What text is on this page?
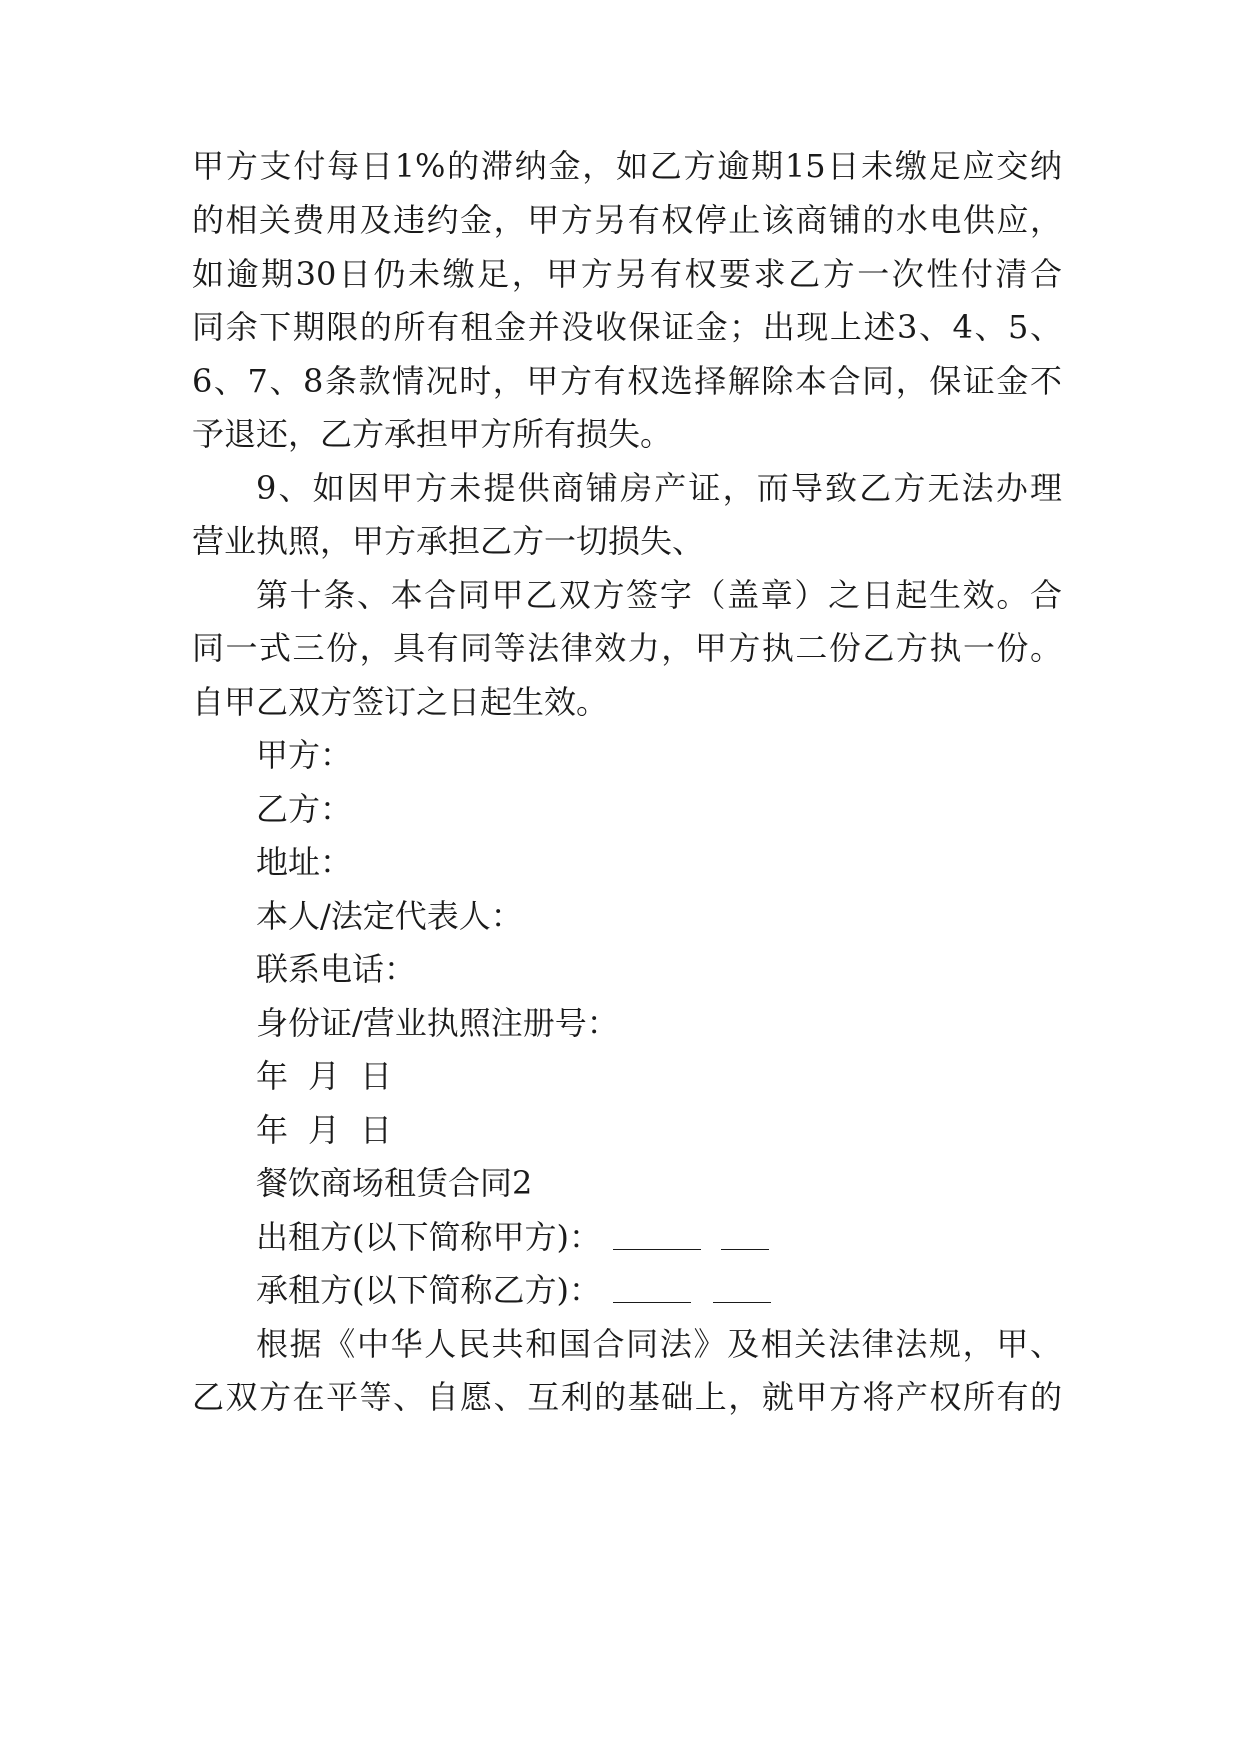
甲方支付每日1%的滞纳金，如乙方逾期15日未缴足应交纳
的相关费用及违约金，甲方另有权停止该商铺的水电供应，
如逾期30日仍未缴足，甲方另有权要求乙方一次性付清合
同余下期限的所有租金并没收保证金；出现上述3、4、5、
6、7、8条款情况时，甲方有权选择解除本合同，保证金不
予退还，乙方承担甲方所有损失。
9、如因甲方未提供商铺房产证，而导致乙方无法办理
营业执照，甲方承担乙方一切损失、
第十条、本合同甲乙双方签字（盖章）之日起生效。合
同一式三份，具有同等法律效力，甲方执二份乙方执一份。
自甲乙双方签订之日起生效。
甲方：
乙方：
地址：
本人/法定代表人：
联系电话：
身份证/营业执照注册号：
年 月 日
年 月 日
餐饮商场租赁合同2
出租方(以下简称甲方)：
承租方(以下简称乙方)：
根据《中华人民共和国合同法》及相关法律法规，甲、
乙双方在平等、自愿、互利的基础上，就甲方将产权所有的
